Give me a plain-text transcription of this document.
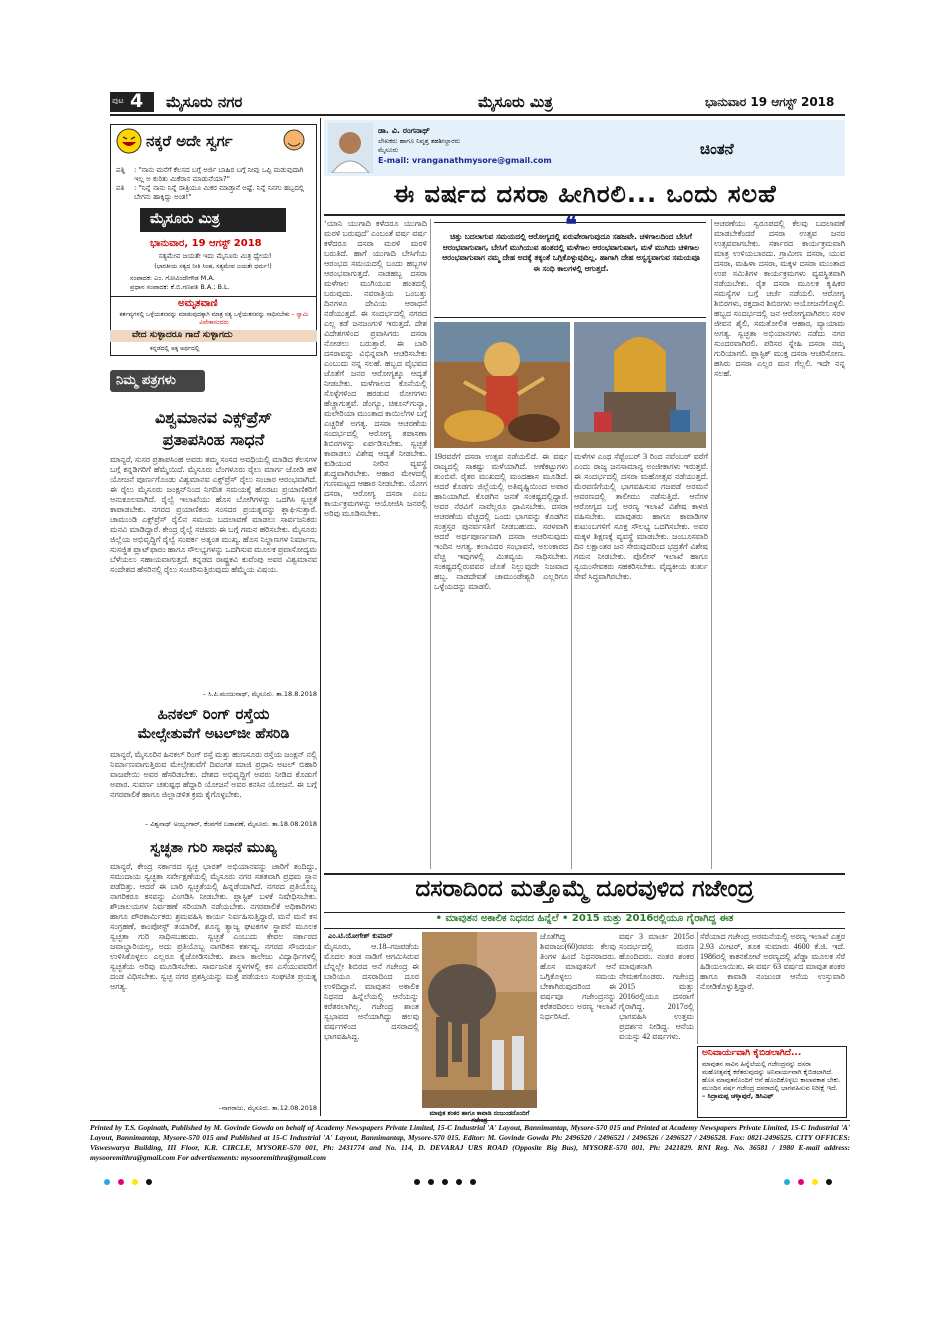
ಪುಟ 4 ಮೈಸೂರು ನಗರ	ಮೈಸೂರು ಮಿತ್ರ	ಭಾನುವಾರ 19 ಆಗಸ್ಟ್ 2018
ನಕ್ಕರೆ ಅದೇ ಸ್ವರ್ಗ
ಪತ್ನಿ	: "ನಾನು ಮನೆಗೆ ಕೆಲಸದ ಬಗ್ಗೆ ಅರ್ಜಿ ಬಾಹಿರ ಬಗ್ಗೆ ನೀವು ಒಪ್ಪಿ ಮಡುವುದಾಗಿ ಇಲ್ಲ ಅ ಕುರಿತು ಮಿಕೆರಾಸ ಮಾಡುವೆಯಾ?"
ಪತಿ	: "ನಿನ್ನೆ ನಾನು ನಿನ್ನೆ ರಾತ್ರಿಯೂ ಮಿಕರ ಮಾಡ್ತಾನೆ ಅಷ್ಟೆ. ನಿನ್ನೆ ನಿನಗು ಹಬ್ಬದಲ್ಲಿ ಬೇಗನು ಹಾಕ್ಕಿದ್ದು ಅಂತ!"
ಮೈಸೂರು ಮಿತ್ರ
ಭಾನುವಾರ, 19 ಆಗಸ್ಟ್ 2018
ಸತ್ಯಮೇವ ಜಯತೇ ಇದು ಮೈಸೂರು ಮಿತ್ರ ಧ್ಯೇಯ!
(ಭಾರತೀಯ ಸತ್ಯದ ನೀತಿ ಸಿಂಹ, ಸತ್ಯಮೇವ ಜಯತೇ ಧರ್ಮ!)
ಸಂಪಾದಕ: ಎಂ. ಗೋವಿಂದೇಗೌಡ M.A.
ಪ್ರಧಾನ ಸಂಪಾದಕ: ಕೆ.ಬಿ.ಗಣಪತಿ B.A.; B.L.
ಅಮೃತವಾಣಿ
ಕರ್ತವ್ಯಗಳಲ್ಲಿ ಒಳ್ಳೆಯತನವನ್ನು ಮಾಡುವುದಕ್ಕಾಗಿ ಮಾತ್ರ ಸತ್ಯ ಒಳ್ಳೆಯತನವನ್ನು ಸಾಧಿಸಬೇಕು – ಸ್ವಾಮಿ ವಿವೇಕಾನಂದರು
ವೇದ ಸುಳ್ಳಾದರೂ ಗಾದೆ ಸುಳ್ಳಾಗದು
ಕನ್ನಡದಲ್ಲಿ ಅಕ್ಕ ಅರ್ಥದಲ್ಲಿ
ನಿಮ್ಮ ಪತ್ರಗಳು
ವಿಶ್ವಮಾನವ ಎಕ್ಸ್‌ಪ್ರೆಸ್
ಪ್ರತಾಪಸಿಂಹ ಸಾಧನೆ
ಮಾನ್ಯರೆ, ಸುಸರ ಪ್ರತಾಪಸಿಂಹ ಅವರು ತಮ್ಮ ಸಂಸದ ಅವಧಿಯಲ್ಲಿ ಮಾಡಿದ ಕೆಲಸಗಳ ಬಗ್ಗೆ ಕನ್ನಡಿಗರಿಗೆ ಹೆಮ್ಮೆಯಿದೆ. ಮೈಸೂರು ಬೆಂಗಳೂರು ರೈಲು ಮಾರ್ಗ ಜೋಡಿ ಹಳಿ ಯೋಜನೆ ಪೂರ್ಣಗೊಂಡು ವಿಶ್ವಮಾನವ ಎಕ್ಸ್‌ಪ್ರೆಸ್ ರೈಲು ಸಂಚಾರ ಆರಂಭವಾಗಿದೆ. ಈ ರೈಲು ಮೈಸೂರು ಜಂಕ್ಷನ್‌ನಿಂದ ನಿಗದಿತ ಸಮಯಕ್ಕೆ ಹೊರಟು ಪ್ರಯಾಣಿಕರಿಗೆ ಅನುಕೂಲವಾಗಿದೆ. ರೈಲ್ವೆ ಇಲಾಖೆಯು ಹೊಸ ಬೋಗಿಗಳನ್ನು ಒದಗಿಸಿ ಸ್ವಚ್ಛತೆ ಕಾಪಾಡಬೇಕು. ನಗರದ ಪ್ರಯಾಣಿಕರು ಸಂಸದರ ಪ್ರಯತ್ನವನ್ನು ಶ್ಲಾಘಿಸುತ್ತಾರೆ. ಚಾಮುಂಡಿ ಎಕ್ಸ್‌ಪ್ರೆಸ್ ರೈಲಿನ ಸಮಯ ಬದಲಾವಣೆ ಮಾಡಲು ಸಾರ್ವಜನಿಕರು ಮನವಿ ಮಾಡಿದ್ದಾರೆ. ಕೇಂದ್ರ ರೈಲ್ವೆ ಸಚಿವರು ಈ ಬಗ್ಗೆ ಗಮನ ಹರಿಸಬೇಕು. ಮೈಸೂರು ಜಿಲ್ಲೆಯ ಅಭಿವೃದ್ಧಿಗೆ ರೈಲ್ವೆ ಸಂಪರ್ಕ ಅತ್ಯಂತ ಮುಖ್ಯ. ಹೊಸ ನಿಲ್ದಾಣಗಳ ನಿರ್ಮಾಣ, ಸುಸಜ್ಜಿತ ಪ್ಲಾಟ್‌ಫಾರಂ ಹಾಗೂ ಸೌಲಭ್ಯಗಳನ್ನು ಒದಗಿಸುವ ಮೂಲಕ ಪ್ರವಾಸೋದ್ಯಮ ಬೆಳೆಯಲು ಸಹಾಯವಾಗುತ್ತದೆ. ಕನ್ನಡದ ರಾಷ್ಟ್ರಕವಿ ಕುವೆಂಪು ಅವರ ವಿಶ್ವಮಾನವ ಸಂದೇಶದ ಹೆಸರಿನಲ್ಲಿ ರೈಲು ಸಂಚರಿಸುತ್ತಿರುವುದು ಹೆಮ್ಮೆಯ ವಿಷಯ.
– ಸಿ.ಪಿ.ಮಂಜುನಾಥ್, ಮೈಸೂರು. ತಾ.18.8.2018
ಹಿನಕಲ್ ರಿಂಗ್ ರಸ್ತೆಯ
ಮೇಲ್ಸೇತುವೆಗೆ ಅಟಲ್‌ಜೀ ಹೆಸರಿಡಿ
ಮಾನ್ಯರೆ, ಮೈಸೂರಿನ ಹಿನಕಲ್ ರಿಂಗ್ ರಸ್ತೆ ಮತ್ತು ಹುಣಸೂರು ರಸ್ತೆಯ ಜಂಕ್ಷನ್ ನಲ್ಲಿ ನಿರ್ಮಾಣವಾಗುತ್ತಿರುವ ಮೇಲ್ಸೇತುವೆಗೆ ದಿವಂಗತ ಮಾಜಿ ಪ್ರಧಾನಿ ಅಟಲ್ ಬಿಹಾರಿ ವಾಜಪೇಯಿ ಅವರ ಹೆಸರಿಡಬೇಕು. ದೇಶದ ಅಭಿವೃದ್ಧಿಗೆ ಅವರು ನೀಡಿದ ಕೊಡುಗೆ ಅಪಾರ. ಸುವರ್ಣ ಚತುಷ್ಪಥ ಹೆದ್ದಾರಿ ಯೋಜನೆ ಅವರ ಕನಸಿನ ಯೋಜನೆ. ಈ ಬಗ್ಗೆ ನಗರಪಾಲಿಕೆ ಹಾಗೂ ಜಿಲ್ಲಾಡಳಿತ ಕ್ರಮ ಕೈಗೊಳ್ಳಬೇಕು.
– ವಿಶ್ವನಾಥ್ ಅಯ್ಯಂಗಾರ್, ಕೆಂಪಗೆರೆ ಬಡಾವಣೆ, ಮೈಸೂರು. ತಾ.18.08.2018
ಸ್ವಚ್ಛತಾ ಗುರಿ ಸಾಧನೆ ಮುಖ್ಯ
ಮಾನ್ಯರೆ, ಕೇಂದ್ರ ಸರ್ಕಾರದ ಸ್ವಚ್ಛ ಭಾರತ್ ಅಭಿಯಾನವನ್ನು ಜಾರಿಗೆ ತಂದಿದ್ದು, ಸಮುದಾಯ ಸ್ವಚ್ಛತಾ ಸರ್ವೇಕ್ಷಣೆಯಲ್ಲಿ ಮೈಸೂರು ನಗರ ಸತತವಾಗಿ ಪ್ರಥಮ ಸ್ಥಾನ ಪಡೆದಿತ್ತು. ಆದರೆ ಈ ಬಾರಿ ಸ್ವಚ್ಛತೆಯಲ್ಲಿ ಹಿನ್ನಡೆಯಾಗಿದೆ. ನಗರದ ಪ್ರತಿಯೊಬ್ಬ ನಾಗರಿಕರೂ ಕಸವನ್ನು ವಿಂಗಡಿಸಿ ನೀಡಬೇಕು. ಪ್ಲಾಸ್ಟಿಕ್ ಬಳಕೆ ನಿಷೇಧಿಸಬೇಕು. ಶೌಚಾಲಯಗಳ ನಿರ್ವಹಣೆ ಸರಿಯಾಗಿ ನಡೆಯಬೇಕು. ನಗರಪಾಲಿಕೆ ಅಧಿಕಾರಿಗಳು ಹಾಗೂ ಪೌರಕಾರ್ಮಿಕರು ಶ್ರಮವಹಿಸಿ ಕಾರ್ಯ ನಿರ್ವಹಿಸುತ್ತಿದ್ದಾರೆ. ಮನೆ ಮನೆ ಕಸ ಸಂಗ್ರಹಣೆ, ಕಾಂಪೋಸ್ಟ್ ತಯಾರಿಕೆ, ಶೂನ್ಯ ತ್ಯಾಜ್ಯ ಘಟಕಗಳ ಸ್ಥಾಪನೆ ಮೂಲಕ ಸ್ವಚ್ಛತಾ ಗುರಿ ಸಾಧಿಸಬಹುದು. ಸ್ವಚ್ಛತೆ ಎಂಬುದು ಕೇವಲ ಸರ್ಕಾರದ ಜವಾಬ್ದಾರಿಯಲ್ಲ, ಅದು ಪ್ರತಿಯೊಬ್ಬ ನಾಗರಿಕನ ಕರ್ತವ್ಯ. ನಗರದ ಸೌಂದರ್ಯ ಉಳಿಸಿಕೊಳ್ಳಲು ಎಲ್ಲರೂ ಕೈಜೋಡಿಸಬೇಕು. ಶಾಲಾ ಕಾಲೇಜು ವಿದ್ಯಾರ್ಥಿಗಳಲ್ಲಿ ಸ್ವಚ್ಛತೆಯ ಅರಿವು ಮೂಡಿಸಬೇಕು. ಸಾರ್ವಜನಿಕ ಸ್ಥಳಗಳಲ್ಲಿ ಕಸ ಎಸೆಯುವವರಿಗೆ ದಂಡ ವಿಧಿಸಬೇಕು. ಸ್ವಚ್ಛ ನಗರ ಪ್ರಶಸ್ತಿಯನ್ನು ಮತ್ತೆ ಪಡೆಯಲು ಸಂಘಟಿತ ಪ್ರಯತ್ನ ಅಗತ್ಯ.
–ನಾಗರಾಜು, ಮೈಸೂರು. ತಾ.12.08.2018
ಡಾ. ವಿ. ರಂಗನಾಥ್
ಲೇಖಕರು ಹಾಗೂ ನಿವೃತ್ತ ತಹಶೀಲ್ದಾರರು
ಮೈಸೂರು
E-mail: vranganathmysore@gmail.com
ಚಿಂತನೆ
ಈ ವರ್ಷದ ದಸರಾ ಹೀಗಿರಲಿ... ಒಂದು ಸಲಹೆ
‘ಯಾನಿ ಯುಗಾದಿ ಕಳೆದರೂ ಯುಗಾದಿ ಮರಳಿ ಬರುವುದೆ’ ಎಂಬಂತೆ ವರ್ಷ ವರ್ಷ ಕಳೆದರೂ ದಸರಾ ಮರಳಿ ಮರಳಿ ಬರುತಿದೆ. ಹಾಗೆ ಯುಗಾದಿ ಬೇಸಿಗೆಯ ಆರಂಭದ ಸಮಯದಲ್ಲಿ ಬಂದು ಹಬ್ಬಗಳ ಆರಂಭವಾಗುತ್ತದೆ. ನಾಡಹಬ್ಬ ದಸರಾ ಮಳೆಗಾಲ ಮುಗಿಯುವ ಹಂತದಲ್ಲಿ ಬರುವುದು. ನವರಾತ್ರಿಯ ಒಂಬತ್ತು ದಿನಗಳೂ ದೇವಿಯ ಆರಾಧನೆ ನಡೆಯುತ್ತದೆ. ಈ ಸಂದರ್ಭದಲ್ಲಿ ನಗರದ ಎಲ್ಲ ಕಡೆ ಜನಜಂಗುಳಿ ಇರುತ್ತದೆ. ದೇಶ ವಿದೇಶಗಳಿಂದ ಪ್ರವಾಸಿಗರು ದಸರಾ ನೋಡಲು ಬರುತ್ತಾರೆ. ಈ ಬಾರಿ ದಸರಾವನ್ನು ವಿಭಿನ್ನವಾಗಿ ಆಚರಿಸಬೇಕು ಎಂಬುದು ನನ್ನ ಸಲಹೆ. ಹಬ್ಬದ ವೈಭವದ ಜೊತೆಗೆ ಜನರ ಆರೋಗ್ಯಕ್ಕೂ ಆದ್ಯತೆ ನೀಡಬೇಕು. ಮಳೆಗಾಲದ ಕೊನೆಯಲ್ಲಿ ಸೊಳ್ಳೆಗಳಿಂದ ಹರಡುವ ರೋಗಗಳು ಹೆಚ್ಚಾಗುತ್ತವೆ. ಡೆಂಗ್ಯೂ, ಚಿಕೂನ್‌ಗುನ್ಯಾ, ಮಲೇರಿಯಾ ಮುಂತಾದ ಕಾಯಿಲೆಗಳ ಬಗ್ಗೆ ಎಚ್ಚರಿಕೆ ಅಗತ್ಯ. ದಸರಾ ಆಚರಣೆಯ ಸಂದರ್ಭದಲ್ಲಿ ಆರೋಗ್ಯ ತಪಾಸಣಾ ಶಿಬಿರಗಳನ್ನು ಏರ್ಪಡಿಸಬೇಕು. ಸ್ವಚ್ಛತೆ ಕಾಪಾಡಲು ವಿಶೇಷ ಆದ್ಯತೆ ನೀಡಬೇಕು. ಕುಡಿಯುವ ನೀರಿನ ವ್ಯವಸ್ಥೆ ಶುದ್ಧವಾಗಿರಬೇಕು. ಆಹಾರ ಮೇಳದಲ್ಲಿ ಗುಣಮಟ್ಟದ ಆಹಾರ ನೀಡಬೇಕು. ಯೋಗ ದಸರಾ, ಆರೋಗ್ಯ ದಸರಾ ಎಂಬ ಕಾರ್ಯಕ್ರಮಗಳನ್ನು ಆಯೋಜಿಸಿ ಜನರಲ್ಲಿ ಅರಿವು ಮೂಡಿಸಬೇಕು.
❝
ಚಿತ್ತು ಬದಲಾಗುವ ಸಮಯದಲ್ಲಿ ಆರೋಗ್ಯದಲ್ಲಿ ಏರುಪೇರಾಗುವುದೂ ಸಹಜವೇ. ಚಳಿಗಾಲದಿಂದ ಬೇಸಿಗೆ ಆರಂಭವಾಗುವಾಗ, ಬೇಸಿಗೆ ಮುಗಿಯುವ ಹಂತದಲ್ಲಿ ಮಳೆಗಾಲ ಆರಂಭವಾಗುವಾಗ, ಮಳೆ ಮುಗಿದು ಚಳಿಗಾಲ ಆರಂಭವಾಗುವಾಗ ನಮ್ಮ ದೇಹ ಅದಕ್ಕೆ ತಕ್ಕಂತೆ ಒಗ್ಗಿಕೊಳ್ಳುವುದಿಲ್ಲ. ಹಾಗಾಗಿ ದೇಹ ಅಸ್ವಸ್ಥವಾಗುವ ಸಮಯವೂ ಈ ಸಂಧಿ ಕಾಲಗಳಲ್ಲಿ ಆಗುತ್ತದೆ.
19ರವರೆಗೆ ದಸರಾ ಉತ್ಸವ ನಡೆಯಲಿದೆ. ಈ ವರ್ಷ ರಾಜ್ಯದಲ್ಲಿ ಸಾಕಷ್ಟು ಮಳೆಯಾಗಿದೆ. ಅಣೆಕಟ್ಟುಗಳು ತುಂಬಿವೆ. ರೈತರ ಮುಖದಲ್ಲಿ ಮಂದಹಾಸ ಮೂಡಿದೆ. ಆದರೆ ಕೊಡಗು ಜಿಲ್ಲೆಯಲ್ಲಿ ಅತಿವೃಷ್ಟಿಯಿಂದ ಅಪಾರ ಹಾನಿಯಾಗಿದೆ. ಕೊಡಗಿನ ಜನತೆ ಸಂಕಷ್ಟದಲ್ಲಿದ್ದಾರೆ. ಅವರ ನೆರವಿಗೆ ನಾವೆಲ್ಲರೂ ಧಾವಿಸಬೇಕು. ದಸರಾ ಆಚರಣೆಯ ವೆಚ್ಚದಲ್ಲಿ ಒಂದು ಭಾಗವನ್ನು ಕೊಡಗಿನ ಸಂತ್ರಸ್ತರ ಪುನರ್ವಸತಿಗೆ ನೀಡಬಹುದು. ಸರಳವಾಗಿ ಆದರೆ ಅರ್ಥಪೂರ್ಣವಾಗಿ ದಸರಾ ಆಚರಿಸುವುದು ಇಂದಿನ ಅಗತ್ಯ. ಕಲಾವಿದರ ಸಂಭಾವನೆ, ಅಲಂಕಾರದ ವೆಚ್ಚ ಇವುಗಳಲ್ಲಿ ಮಿತವ್ಯಯ ಸಾಧಿಸಬೇಕು. ಸಂಕಷ್ಟದಲ್ಲಿರುವವರ ಜೊತೆ ನಿಲ್ಲುವುದೇ ನಿಜವಾದ ಹಬ್ಬ. ನಾಡದೇವತೆ ಚಾಮುಂಡೇಶ್ವರಿ ಎಲ್ಲರಿಗೂ ಒಳ್ಳೆಯದನ್ನು ಮಾಡಲಿ.
ಮಳೆಗಳ ಎಂಥ ಸೆಪ್ಟೆಂಬರ್ 3 ರಿಂದ ನವೆಂಬರ್ ವರೆಗೆ ಎಂದು ರಾಜ್ಯ ಜನಸಾಮಾನ್ಯ ಅಂಜೀಕಾಗಳು ಇರುತ್ತವೆ. ಈ ಸಂದರ್ಭದಲ್ಲಿ ದಸರಾ ಮಹೋತ್ಸವ ನಡೆಯುತ್ತದೆ. ಮೆರವಣಿಗೆಯಲ್ಲಿ ಭಾಗವಹಿಸುವ ಗಜಪಡೆ ಅರಮನೆ ಆವರಣದಲ್ಲಿ ತಾಲೀಮು ನಡೆಸುತ್ತಿದೆ. ಆನೆಗಳ ಆರೋಗ್ಯದ ಬಗ್ಗೆ ಅರಣ್ಯ ಇಲಾಖೆ ವಿಶೇಷ ಕಾಳಜಿ ವಹಿಸಬೇಕು. ಮಾವುತರು ಹಾಗೂ ಕಾವಾಡಿಗಳ ಕುಟುಂಬಗಳಿಗೆ ಸೂಕ್ತ ಸೌಲಭ್ಯ ಒದಗಿಸಬೇಕು. ಅವರ ಮಕ್ಕಳ ಶಿಕ್ಷಣಕ್ಕೆ ವ್ಯವಸ್ಥೆ ಮಾಡಬೇಕು. ಜಂಬೂಸವಾರಿ ದಿನ ಲಕ್ಷಾಂತರ ಜನ ಸೇರುವುದರಿಂದ ಭದ್ರತೆಗೆ ವಿಶೇಷ ಗಮನ ನೀಡಬೇಕು. ಪೊಲೀಸ್ ಇಲಾಖೆ ಹಾಗೂ ಸ್ವಯಂಸೇವಕರು ಸಹಕರಿಸಬೇಕು. ವೈದ್ಯಕೀಯ ತುರ್ತು ಸೇವೆ ಸಿದ್ಧವಾಗಿರಬೇಕು.
ಆಚರಣೆಯು ಸ್ವರೂಪದಲ್ಲಿ ಕೆಲವು ಬದಲಾವಣೆ ಮಾಡಬೇಕೆಂದರೆ ದಸರಾ ಉತ್ಸವ ಜನರ ಉತ್ಸವವಾಗಬೇಕು. ಸರ್ಕಾರದ ಕಾರ್ಯಕ್ರಮವಾಗಿ ಮಾತ್ರ ಉಳಿಯಬಾರದು. ಗ್ರಾಮೀಣ ದಸರಾ, ಯುವ ದಸರಾ, ಮಹಿಳಾ ದಸರಾ, ಮಕ್ಕಳ ದಸರಾ ಮುಂತಾದ ಉಪ ಸಮಿತಿಗಳ ಕಾರ್ಯಕ್ರಮಗಳು ವ್ಯವಸ್ಥಿತವಾಗಿ ನಡೆಯಬೇಕು. ರೈತ ದಸರಾ ಮೂಲಕ ಕೃಷಿಕರ ಸಮಸ್ಯೆಗಳ ಬಗ್ಗೆ ಚರ್ಚೆ ನಡೆಯಲಿ. ಆರೋಗ್ಯ ಶಿಬಿರಗಳು, ರಕ್ತದಾನ ಶಿಬಿರಗಳು ಆಯೋಜನೆಗೊಳ್ಳಲಿ. ಹಬ್ಬದ ಸಂದರ್ಭದಲ್ಲಿ ಜನ ಆರೋಗ್ಯವಾಗಿರಲು ಸರಳ ಜೀವನ ಶೈಲಿ, ಸಮತೋಲಿತ ಆಹಾರ, ವ್ಯಾಯಾಮ ಅಗತ್ಯ. ಸ್ವಚ್ಛತಾ ಅಭಿಯಾನಗಳು ನಡೆದು ನಗರ ಸುಂದರವಾಗಿರಲಿ. ಪರಿಸರ ಸ್ನೇಹಿ ದಸರಾ ನಮ್ಮ ಗುರಿಯಾಗಲಿ. ಪ್ಲಾಸ್ಟಿಕ್ ಮುಕ್ತ ದಸರಾ ಆಚರಿಸೋಣ. ಹಸಿರು ದಸರಾ ಎಲ್ಲರ ಮನ ಗೆಲ್ಲಲಿ. ಇದೇ ನನ್ನ ಸಲಹೆ.
ದಸರಾದಿಂದ ಮತ್ತೊಮ್ಮೆ ದೂರವುಳಿದ ಗಜೇಂದ್ರ
• ಮಾವುತನ ಅಕಾಲಿಕ ನಿಧನದ ಹಿನ್ನೆಲೆ • 2015 ಮತ್ತು 2016ರಲ್ಲಿಯೂ ಗೈರಾಗಿದ್ದ ಈತ
ಎಂ.ಟಿ.ಯೋಗೇಶ್ ಕುಮಾರ್
ಮೈಸೂರು, ಆ.18–ಗಜಪಡೆಯ ಮೊದಲ ತಂಡ ನಾಡಿಗೆ ಆಗಮಿಸಿರುವ ಬೆನ್ನಲ್ಲೇ ಶಿಬಿರದ ಆನೆ ಗಜೇಂದ್ರ ಈ ಬಾರಿಯೂ ದಸರಾದಿಂದ ದೂರ ಉಳಿದಿದ್ದಾನೆ. ಮಾವುತನ ಅಕಾಲಿಕ ನಿಧನದ ಹಿನ್ನೆಲೆಯಲ್ಲಿ ಆನೆಯನ್ನು ಕರೆತರಲಾಗಿಲ್ಲ. ಗಜೇಂದ್ರ ಶಾಂತ ಸ್ವಭಾವದ ಆನೆಯಾಗಿದ್ದು ಹಲವು ವರ್ಷಗಳಿಂದ ದಸರಾದಲ್ಲಿ ಭಾಗವಹಿಸಿದ್ದ.
ಮಾವುತ ಶಂಕರ ಹಾಗೂ ಕಾವಾಡಿ ನಂಜುಂಡನೊಂದಿಗೆ
ಜೊತೆಗಿದ್ದ ಶಿವರಾಜು(60)ರವರು ಕೆಲವು ತಿಂಗಳ ಹಿಂದೆ ನಿಧನರಾದರು. ಹೊಸ ಮಾವುತನಿಗೆ ಆನೆ ಒಗ್ಗಿಕೊಳ್ಳಲು ಸಮಯ ಬೇಕಾಗಿರುವುದರಿಂದ ಈ ವರ್ಷವೂ ಗಜೇಂದ್ರನನ್ನು ಕರೆತರದಿರಲು ಅರಣ್ಯ ಇಲಾಖೆ ನಿರ್ಧರಿಸಿದೆ.
ವರ್ಷ 3 ಮಾರ್ಚ 2015ರ ಸಂದರ್ಭದಲ್ಲಿ ಮರಣ ಹೊಂದಿದರು. ನಂತರ ಶಂಕರ ಮಾವುತನಾಗಿ ನೇಮಕಗೊಂಡರು. ಗಜೇಂದ್ರ 2015 ಮತ್ತು 2016ರಲ್ಲಿಯೂ ದಸರಾಗೆ ಗೈರಾಗಿದ್ದ. 2017ರಲ್ಲಿ ಭಾಗವಹಿಸಿ ಉತ್ತಮ ಪ್ರದರ್ಶನ ನೀಡಿದ್ದ. ಆನೆಯ ವಯಸ್ಸು 42 ವರ್ಷಗಳು.
ಸೆರೆಯಾದ ಗಜೇಂದ್ರ ಅರಮನೆಯಲ್ಲಿ ಅರಣ್ಯ ಇಲಾಖೆ ಎತ್ತರ 2.93 ಮೀಟರ್, ತೂಕ ಸುಮಾರು 4600 ಕೆ.ಜಿ. ಇದೆ. 1986ರಲ್ಲಿ ಕಾಕನಕೋಟೆ ಅರಣ್ಯದಲ್ಲಿ ಖೆಡ್ಡಾ ಮೂಲಕ ಸೆರೆ ಹಿಡಿಯಲಾಯಿತು. ಈ ವರ್ಷ 63 ವರ್ಷದ ಮಾವುತ ಶಂಕರ ಹಾಗೂ ಕಾವಾಡಿ ನಂಜುಂಡ ಆನೆಯ ಉಸ್ತುವಾರಿ ನೋಡಿಕೊಳ್ಳುತ್ತಿದ್ದಾರೆ.
ಅನಿವಾರ್ಯವಾಗಿ ಕೈಬಿಡಲಾಗಿದೆ...
ಮಾವುತನ ಸಾವಿನ ಹಿನ್ನೆಲೆಯಲ್ಲಿ ಗಜೇಂದ್ರನನ್ನು ದಸರಾ ಮಹೋತ್ಸವಕ್ಕೆ ಕರೆತರುವುದನ್ನು ಅನಿವಾರ್ಯವಾಗಿ ಕೈಬಿಡಲಾಗಿದೆ. ಹೊಸ ಮಾವುತನೊಂದಿಗೆ ಆನೆ ಹೊಂದಿಕೊಳ್ಳಲು ಕಾಲಾವಕಾಶ ಬೇಕು. ಮುಂದಿನ ವರ್ಷ ಗಜೇಂದ್ರ ದಸರಾದಲ್ಲಿ ಭಾಗವಹಿಸುವ ನಿರೀಕ್ಷೆ ಇದೆ. – ಸಿದ್ರಾಮಪ್ಪ ಚಳ್ಕಾಪುರೆ, ಡಿಸಿಎಫ್
Printed by T.S. Gopinath, Published by M. Govinde Gowda on behalf of Academy Newspapers Private Limited, 15-C Industrial 'A' Layout, Bannimantap, Mysore-570 015 and Printed at Academy Newspapers Private Limited, 15-C Industrial 'A' Layout, Bannimantap, Mysore-570 015 and Published at 15-C Industrial 'A' Layout, Bannimantap, Mysore-570 015. Editor: M. Govinde Gowda Ph: 2496520 / 2496521 / 2496526 / 2496527 / 2496528. Fax: 0821-2496525. CITY OFFICES: Visweswarya Building, III Floor, K.R. CIRCLE, MYSORE-570 001, Ph: 2431774 and No. 114, D. DEVARAJ URS ROAD (Opposite Big Bus), MYSORE-570 001. Ph: 2421829. RNI Reg. No. 36581 / 1980 E-mail address: mysooremithra@gmail.com For advertisements: mysooremithra@gmail.com
